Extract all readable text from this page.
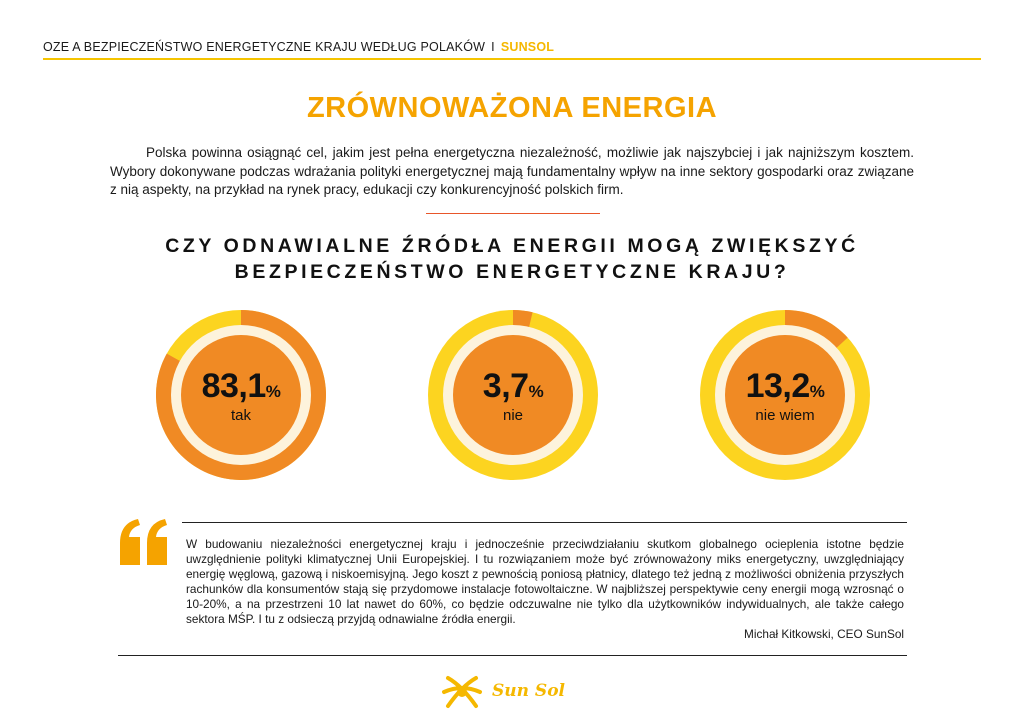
OZE A BEZPIECZEŃSTWO ENERGETYCZNE KRAJU WEDŁUG POLAKÓW I SUNSOL
ZRÓWNOWAŻONA ENERGIA
Polska powinna osiągnąć cel, jakim jest pełna energetyczna niezależność, możliwie jak najszybciej i jak najniższym kosztem. Wybory dokonywane podczas wdrażania polityki energetycznej mają fundamentalny wpływ na inne sektory gospodarki oraz związane z nią aspekty, na przykład na rynek pracy, edukacji czy konkurencyjność polskich firm.
CZY ODNAWIALNE ŹRÓDŁA ENERGII MOGĄ ZWIĘKSZYĆ
BEZPIECZEŃSTWO ENERGETYCZNE KRAJU?
83,1%
tak
3,7%
nie
13,2%
nie wiem
W budowaniu niezależności energetycznej kraju i jednocześnie przeciwdziałaniu skutkom globalnego ocieplenia istotne będzie uwzględnienie polityki klimatycznej Unii Europejskiej. I tu rozwiązaniem może być zrównoważony miks energetyczny, uwzględniający energię węglową, gazową i niskoemisyjną. Jego koszt z pewnością poniosą płatnicy, dlatego też jedną z możliwości obniżenia przyszłych rachunków dla konsumentów stają się przydomowe instalacje fotowoltaiczne. W najbliższej perspektywie ceny energii mogą wzrosnąć o 10-20%, a na przestrzeni 10 lat nawet do 60%, co będzie odczuwalne nie tylko dla użytkowników indywidualnych, ale także całego sektora MŚP. I tu z odsieczą przyjdą odnawialne źródła energii.
Michał Kitkowski, CEO SunSol
Sun Sol
